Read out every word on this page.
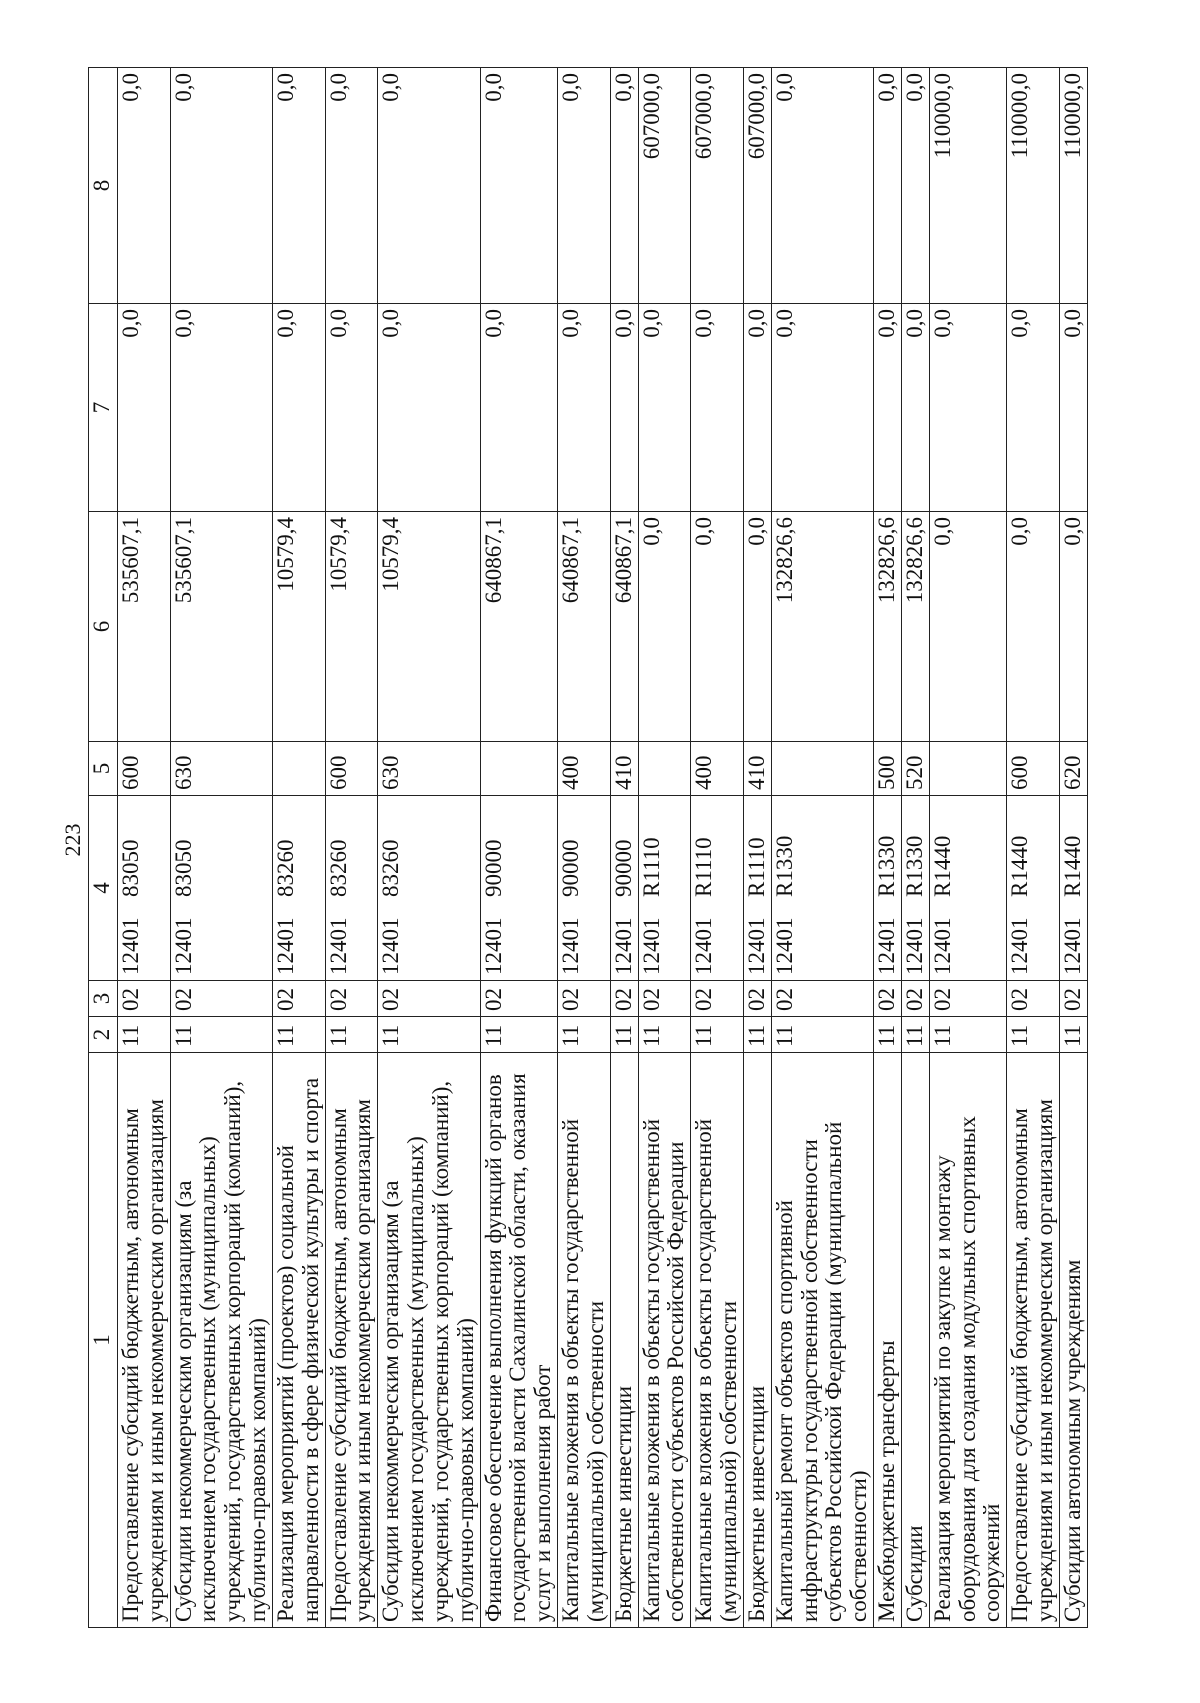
223
1	2	3	4	5	6	7	8
Предоставление субсидий бюджетным, автономным учреждениям и иным некоммерческим организациям	11	02	1240183050	600	535607,1	0,0	0,0
Субсидии некоммерческим организациям (за исключением государственных (муниципальных) учреждений, государственных корпораций (компаний), публично-правовых компаний)	11	02	1240183050	630	535607,1	0,0	0,0
Реализация мероприятий (проектов) социальной направленности в сфере физической культуры и спорта	11	02	1240183260		10579,4	0,0	0,0
Предоставление субсидий бюджетным, автономным учреждениям и иным некоммерческим организациям	11	02	1240183260	600	10579,4	0,0	0,0
Субсидии некоммерческим организациям (за исключением государственных (муниципальных) учреждений, государственных корпораций (компаний), публично-правовых компаний)	11	02	1240183260	630	10579,4	0,0	0,0
Финансовое обеспечение выполнения функций органов государственной власти Сахалинской области, оказания услуг и выполнения работ	11	02	1240190000		640867,1	0,0	0,0
Капитальные вложения в объекты государственной (муниципальной) собственности	11	02	1240190000	400	640867,1	0,0	0,0
Бюджетные инвестиции	11	02	1240190000	410	640867,1	0,0	0,0
Капитальные вложения в объекты государственной собственности субъектов Российской Федерации	11	02	12401R1110		0,0	0,0	607000,0
Капитальные вложения в объекты государственной (муниципальной) собственности	11	02	12401R1110	400	0,0	0,0	607000,0
Бюджетные инвестиции	11	02	12401R1110	410	0,0	0,0	607000,0
Капитальный ремонт объектов спортивной инфраструктуры государственной собственности субъектов Российской Федерации (муниципальной собственности)	11	02	12401R1330		132826,6	0,0	0,0
Межбюджетные трансферты	11	02	12401R1330	500	132826,6	0,0	0,0
Субсидии	11	02	12401R1330	520	132826,6	0,0	0,0
Реализация мероприятий по закупке и монтажу оборудования для создания модульных спортивных сооружений	11	02	12401R1440		0,0	0,0	110000,0
Предоставление субсидий бюджетным, автономным учреждениям и иным некоммерческим организациям	11	02	12401R1440	600	0,0	0,0	110000,0
Субсидии автономным учреждениям	11	02	12401R1440	620	0,0	0,0	110000,0
